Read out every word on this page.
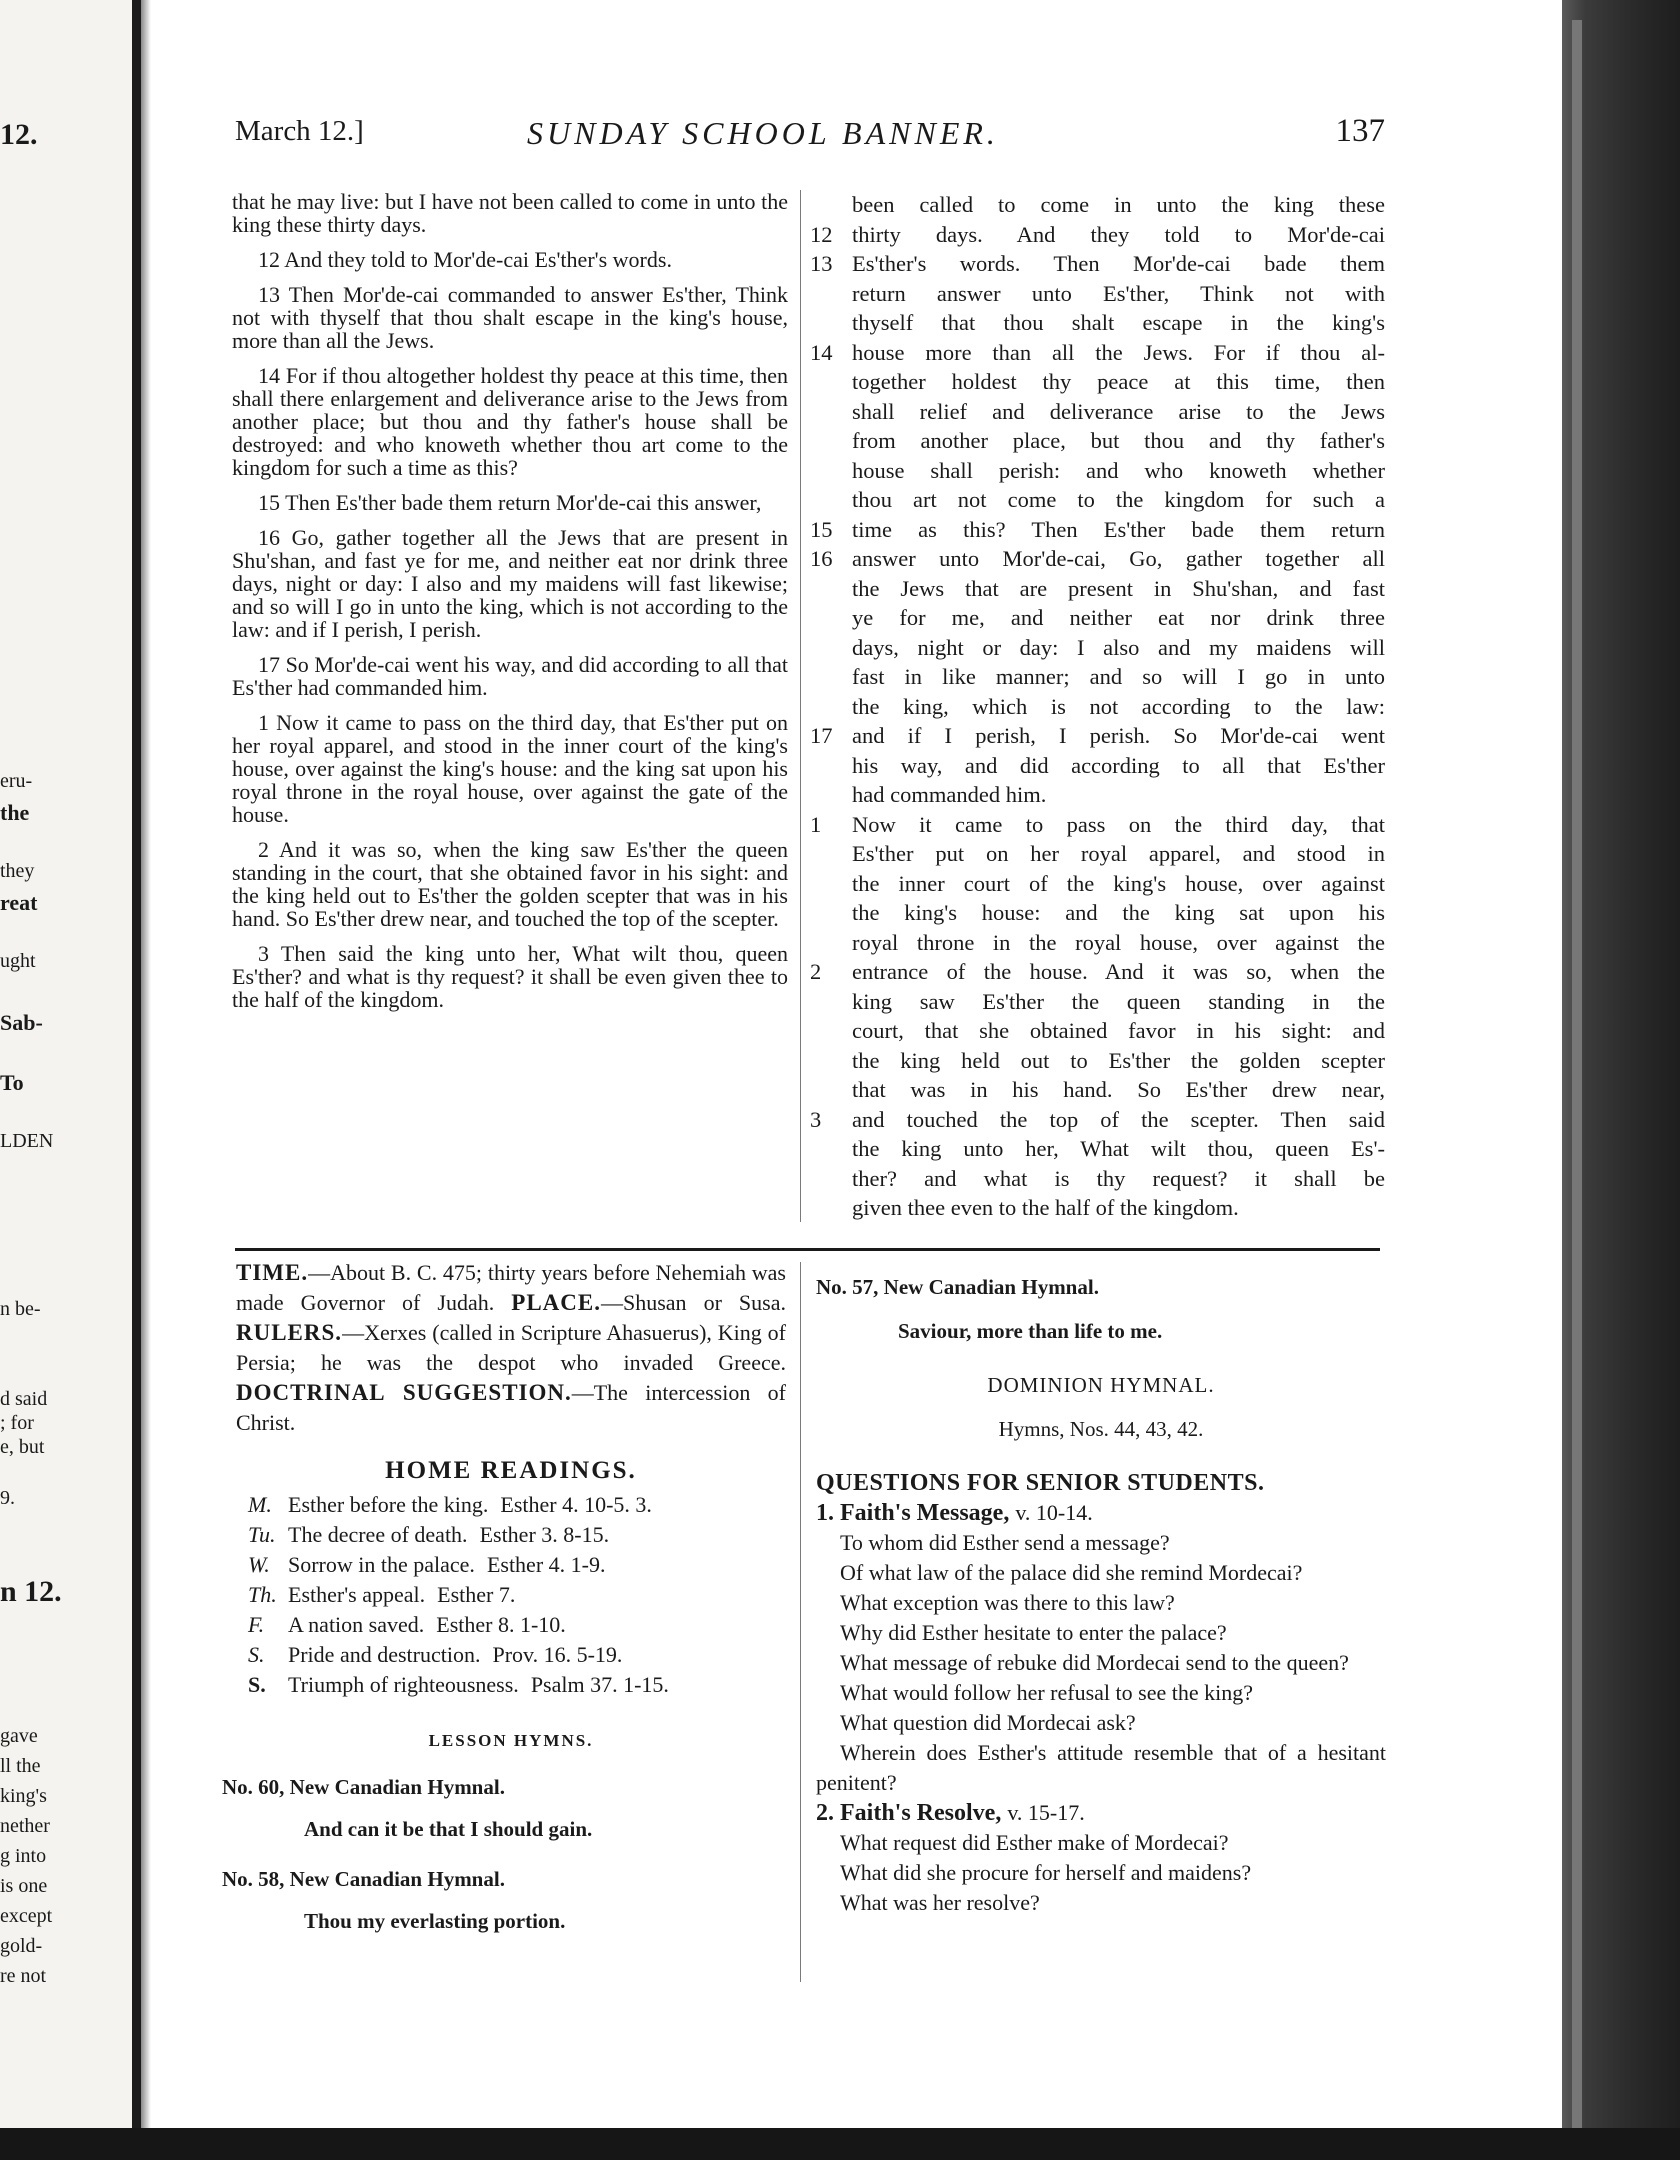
12.
eru-
the
they
reat
ught
Sab-
To
LDEN
n be-
d said
; for
e, but
9.
n 12.
gave
ll the
king's
nether
g into
is one
except
gold-
re not
March 12.]	SUNDAY SCHOOL BANNER.	137

that he may live: but I have not been called to come in unto the king these thirty days.

12 And they told to Mor'de-cai Es'ther's words.

13 Then Mor'de-cai commanded to answer Es'ther, Think not with thyself that thou shalt escape in the king's house, more than all the Jews.

14 For if thou altogether holdest thy peace at this time, then shall there enlargement and deliverance arise to the Jews from another place; but thou and thy father's house shall be destroyed: and who knoweth whether thou art come to the kingdom for such a time as this?

15 Then Es'ther bade them return Mor'de-cai this answer,

16 Go, gather together all the Jews that are present in Shu'shan, and fast ye for me, and neither eat nor drink three days, night or day: I also and my maidens will fast likewise; and so will I go in unto the king, which is not according to the law: and if I perish, I perish.

17 So Mor'de-cai went his way, and did according to all that Es'ther had commanded him.

1 Now it came to pass on the third day, that Es'ther put on her royal apparel, and stood in the inner court of the king's house, over against the king's house: and the king sat upon his royal throne in the royal house, over against the gate of the house.

2 And it was so, when the king saw Es'ther the queen standing in the court, that she obtained favor in his sight: and the king held out to Es'ther the golden scepter that was in his hand. So Es'ther drew near, and touched the top of the scepter.

3 Then said the king unto her, What wilt thou, queen Es'ther? and what is thy request? it shall be even given thee to the half of the kingdom.

been called to come in unto the king these
12 thirty days. And they told to Mor'de-cai
13 Es'ther's words. Then Mor'de-cai bade them
return answer unto Es'ther, Think not with
thyself that thou shalt escape in the king's
14 house more than all the Jews. For if thou al-
together holdest thy peace at this time, then
shall relief and deliverance arise to the Jews
from another place, but thou and thy father's
house shall perish: and who knoweth whether
thou art not come to the kingdom for such a
15 time as this? Then Es'ther bade them return
16 answer unto Mor'de-cai, Go, gather together all
the Jews that are present in Shu'shan, and fast
ye for me, and neither eat nor drink three
days, night or day: I also and my maidens will
fast in like manner; and so will I go in unto
the king, which is not according to the law:
17 and if I perish, I perish. So Mor'de-cai went
his way, and did according to all that Es'ther
had commanded him.
1	Now it came to pass on the third day, that
Es'ther put on her royal apparel, and stood in
the inner court of the king's house, over against
the king's house: and the king sat upon his
royal throne in the royal house, over against the
2	entrance of the house. And it was so, when the
king saw Es'ther the queen standing in the
court, that she obtained favor in his sight: and
the king held out to Es'ther the golden scepter
that was in his hand. So Es'ther drew near,
3	and touched the top of the scepter. Then said
the king unto her, What wilt thou, queen Es'-
ther? and what is thy request? it shall be
given thee even to the half of the kingdom.
TIME.—About B. C. 475; thirty years before Nehemiah was made Governor of Judah. PLACE.—Shusan or Susa. RULERS.—Xerxes (called in Scripture Ahasuerus), King of Persia; he was the despot who invaded Greece. DOCTRINAL SUGGESTION.—The intercession of Christ.
HOME READINGS.
M. Esther before the king. Esther 4. 10-5. 3.
Tu. The decree of death. Esther 3. 8-15.
W. Sorrow in the palace. Esther 4. 1-9.
Th. Esther's appeal. Esther 7.
F.	A nation saved. Esther 8. 1-10.
S.	Pride and destruction. Prov. 16. 5-19.
S.	Triumph of righteousness. Psalm 37. 1-15.
LESSON HYMNS.
No. 60, New Canadian Hymnal.
And can it be that I should gain.
No. 58, New Canadian Hymnal.
Thou my everlasting portion.
No. 57, New Canadian Hymnal.
Saviour, more than life to me.
DOMINION HYMNAL.
Hymns, Nos. 44, 43, 42.
QUESTIONS FOR SENIOR STUDENTS.
1. Faith's Message, v. 10-14.
To whom did Esther send a message?
Of what law of the palace did she remind Mordecai?
What exception was there to this law?
Why did Esther hesitate to enter the palace?
What message of rebuke did Mordecai send to the queen?
What would follow her refusal to see the king?
What question did Mordecai ask?
Wherein does Esther's attitude resemble that of a hesitant penitent?
2. Faith's Resolve, v. 15-17.
What request did Esther make of Mordecai?
What did she procure for herself and maidens?
What was her resolve?
